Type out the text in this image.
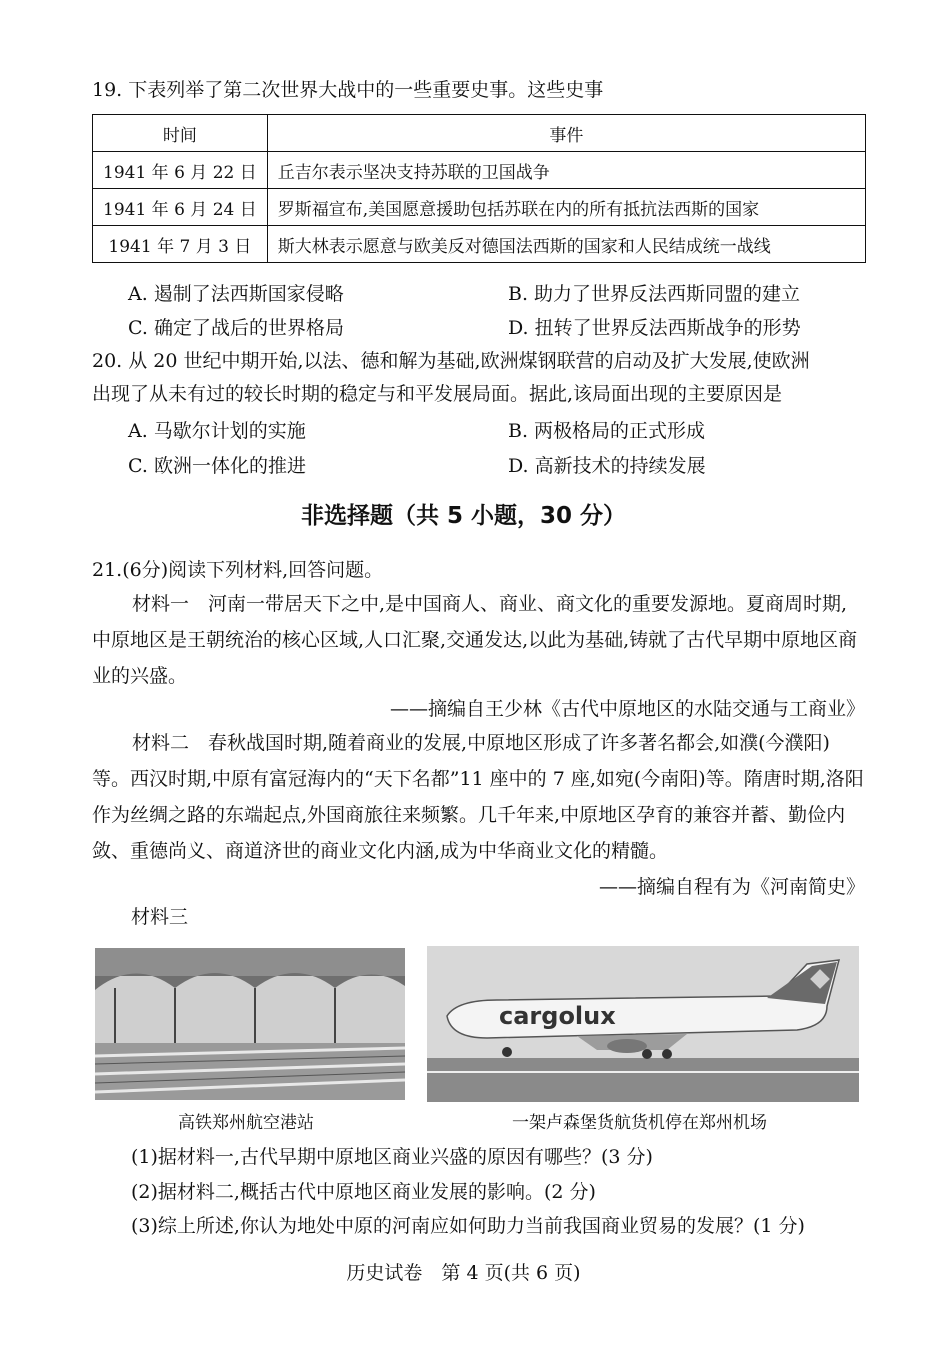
19. 下表列举了第二次世界大战中的一些重要史事。这些史事
时间	事件
1941 年 6 月 22 日	丘吉尔表示坚决支持苏联的卫国战争
1941 年 6 月 24 日	罗斯福宣布,美国愿意援助包括苏联在内的所有抵抗法西斯的国家
1941 年 7 月 3 日	斯大林表示愿意与欧美反对德国法西斯的国家和人民结成统一战线
A. 遏制了法西斯国家侵略	B. 助力了世界反法西斯同盟的建立
C. 确定了战后的世界格局	D. 扭转了世界反法西斯战争的形势
20. 从 20 世纪中期开始,以法、德和解为基础,欧洲煤钢联营的启动及扩大发展,使欧洲
出现了从未有过的较长时期的稳定与和平发展局面。据此,该局面出现的主要原因是
A. 马歇尔计划的实施	B. 两极格局的正式形成
C. 欧洲一体化的推进	D. 高新技术的持续发展
非选择题（共 5 小题，30 分）
21.(6分)阅读下列材料,回答问题。
材料一　河南一带居天下之中,是中国商人、商业、商文化的重要发源地。夏商周时期,中原地区是王朝统治的核心区域,人口汇聚,交通发达,以此为基础,铸就了古代早期中原地区商业的兴盛。
——摘编自王少林《古代中原地区的水陆交通与工商业》
材料二　春秋战国时期,随着商业的发展,中原地区形成了许多著名都会,如濮(今濮阳)等。西汉时期,中原有富冠海内的“天下名都”11 座中的 7 座,如宛(今南阳)等。隋唐时期,洛阳作为丝绸之路的东端起点,外国商旅往来频繁。几千年来,中原地区孕育的兼容并蓄、勤俭内敛、重德尚义、商道济世的商业文化内涵,成为中华商业文化的精髓。
——摘编自程有为《河南简史》
材料三
高铁郑州航空港站
cargolux
一架卢森堡货航货机停在郑州机场
(1)据材料一,古代早期中原地区商业兴盛的原因有哪些？(3 分)
(2)据材料二,概括古代中原地区商业发展的影响。(2 分)
(3)综上所述,你认为地处中原的河南应如何助力当前我国商业贸易的发展？(1 分)
历史试卷　第 4 页(共 6 页)
